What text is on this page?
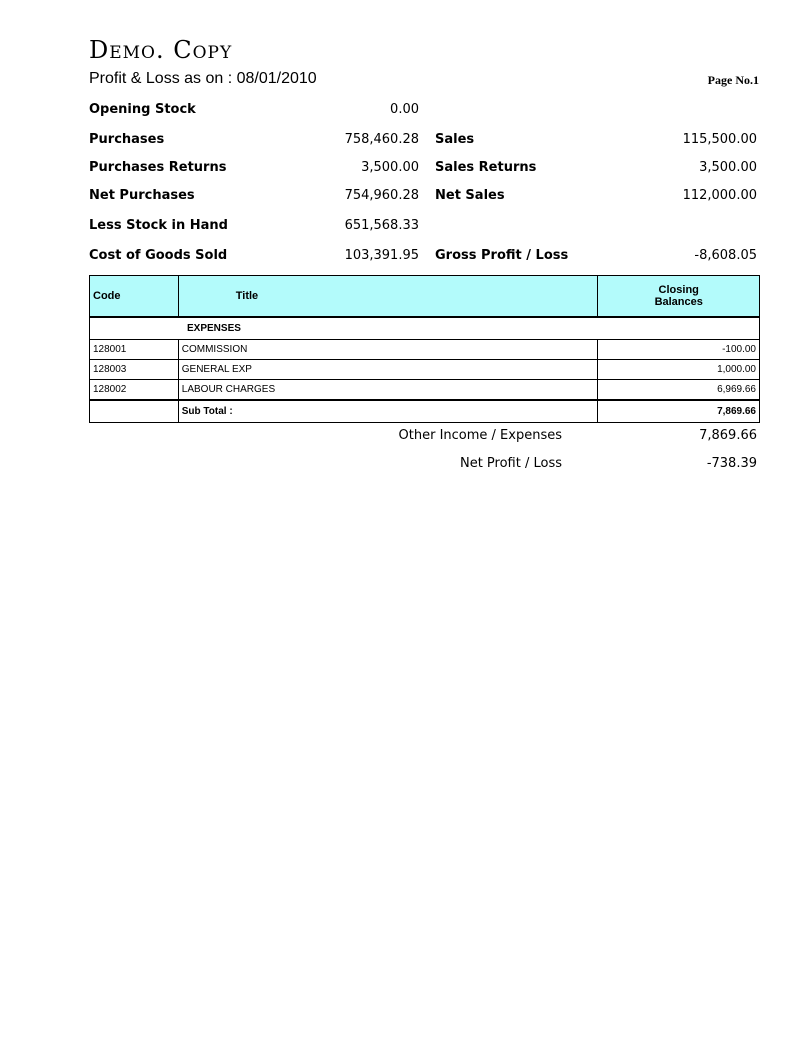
Demo. Copy
Profit & Loss as on : 08/01/2010	Page No.1
Opening Stock	0.00
Purchases	758,460.28 Sales	115,500.00
Purchases Returns	3,500.00 Sales Returns	3,500.00
Net Purchases	754,960.28 Net Sales	112,000.00
Less Stock in Hand	651,568.33
Cost of Goods Sold	103,391.95 Gross Profit / Loss	-8,608.05
Code	Title	Closing
Balances
EXPENSES		
128001	COMMISSION	-100.00
128003	GENERAL EXP	1,000.00
128002	LABOUR CHARGES	6,969.66
	Sub Total :	7,869.66
Other Income / Expenses	7,869.66
Net Profit / Loss	-738.39
